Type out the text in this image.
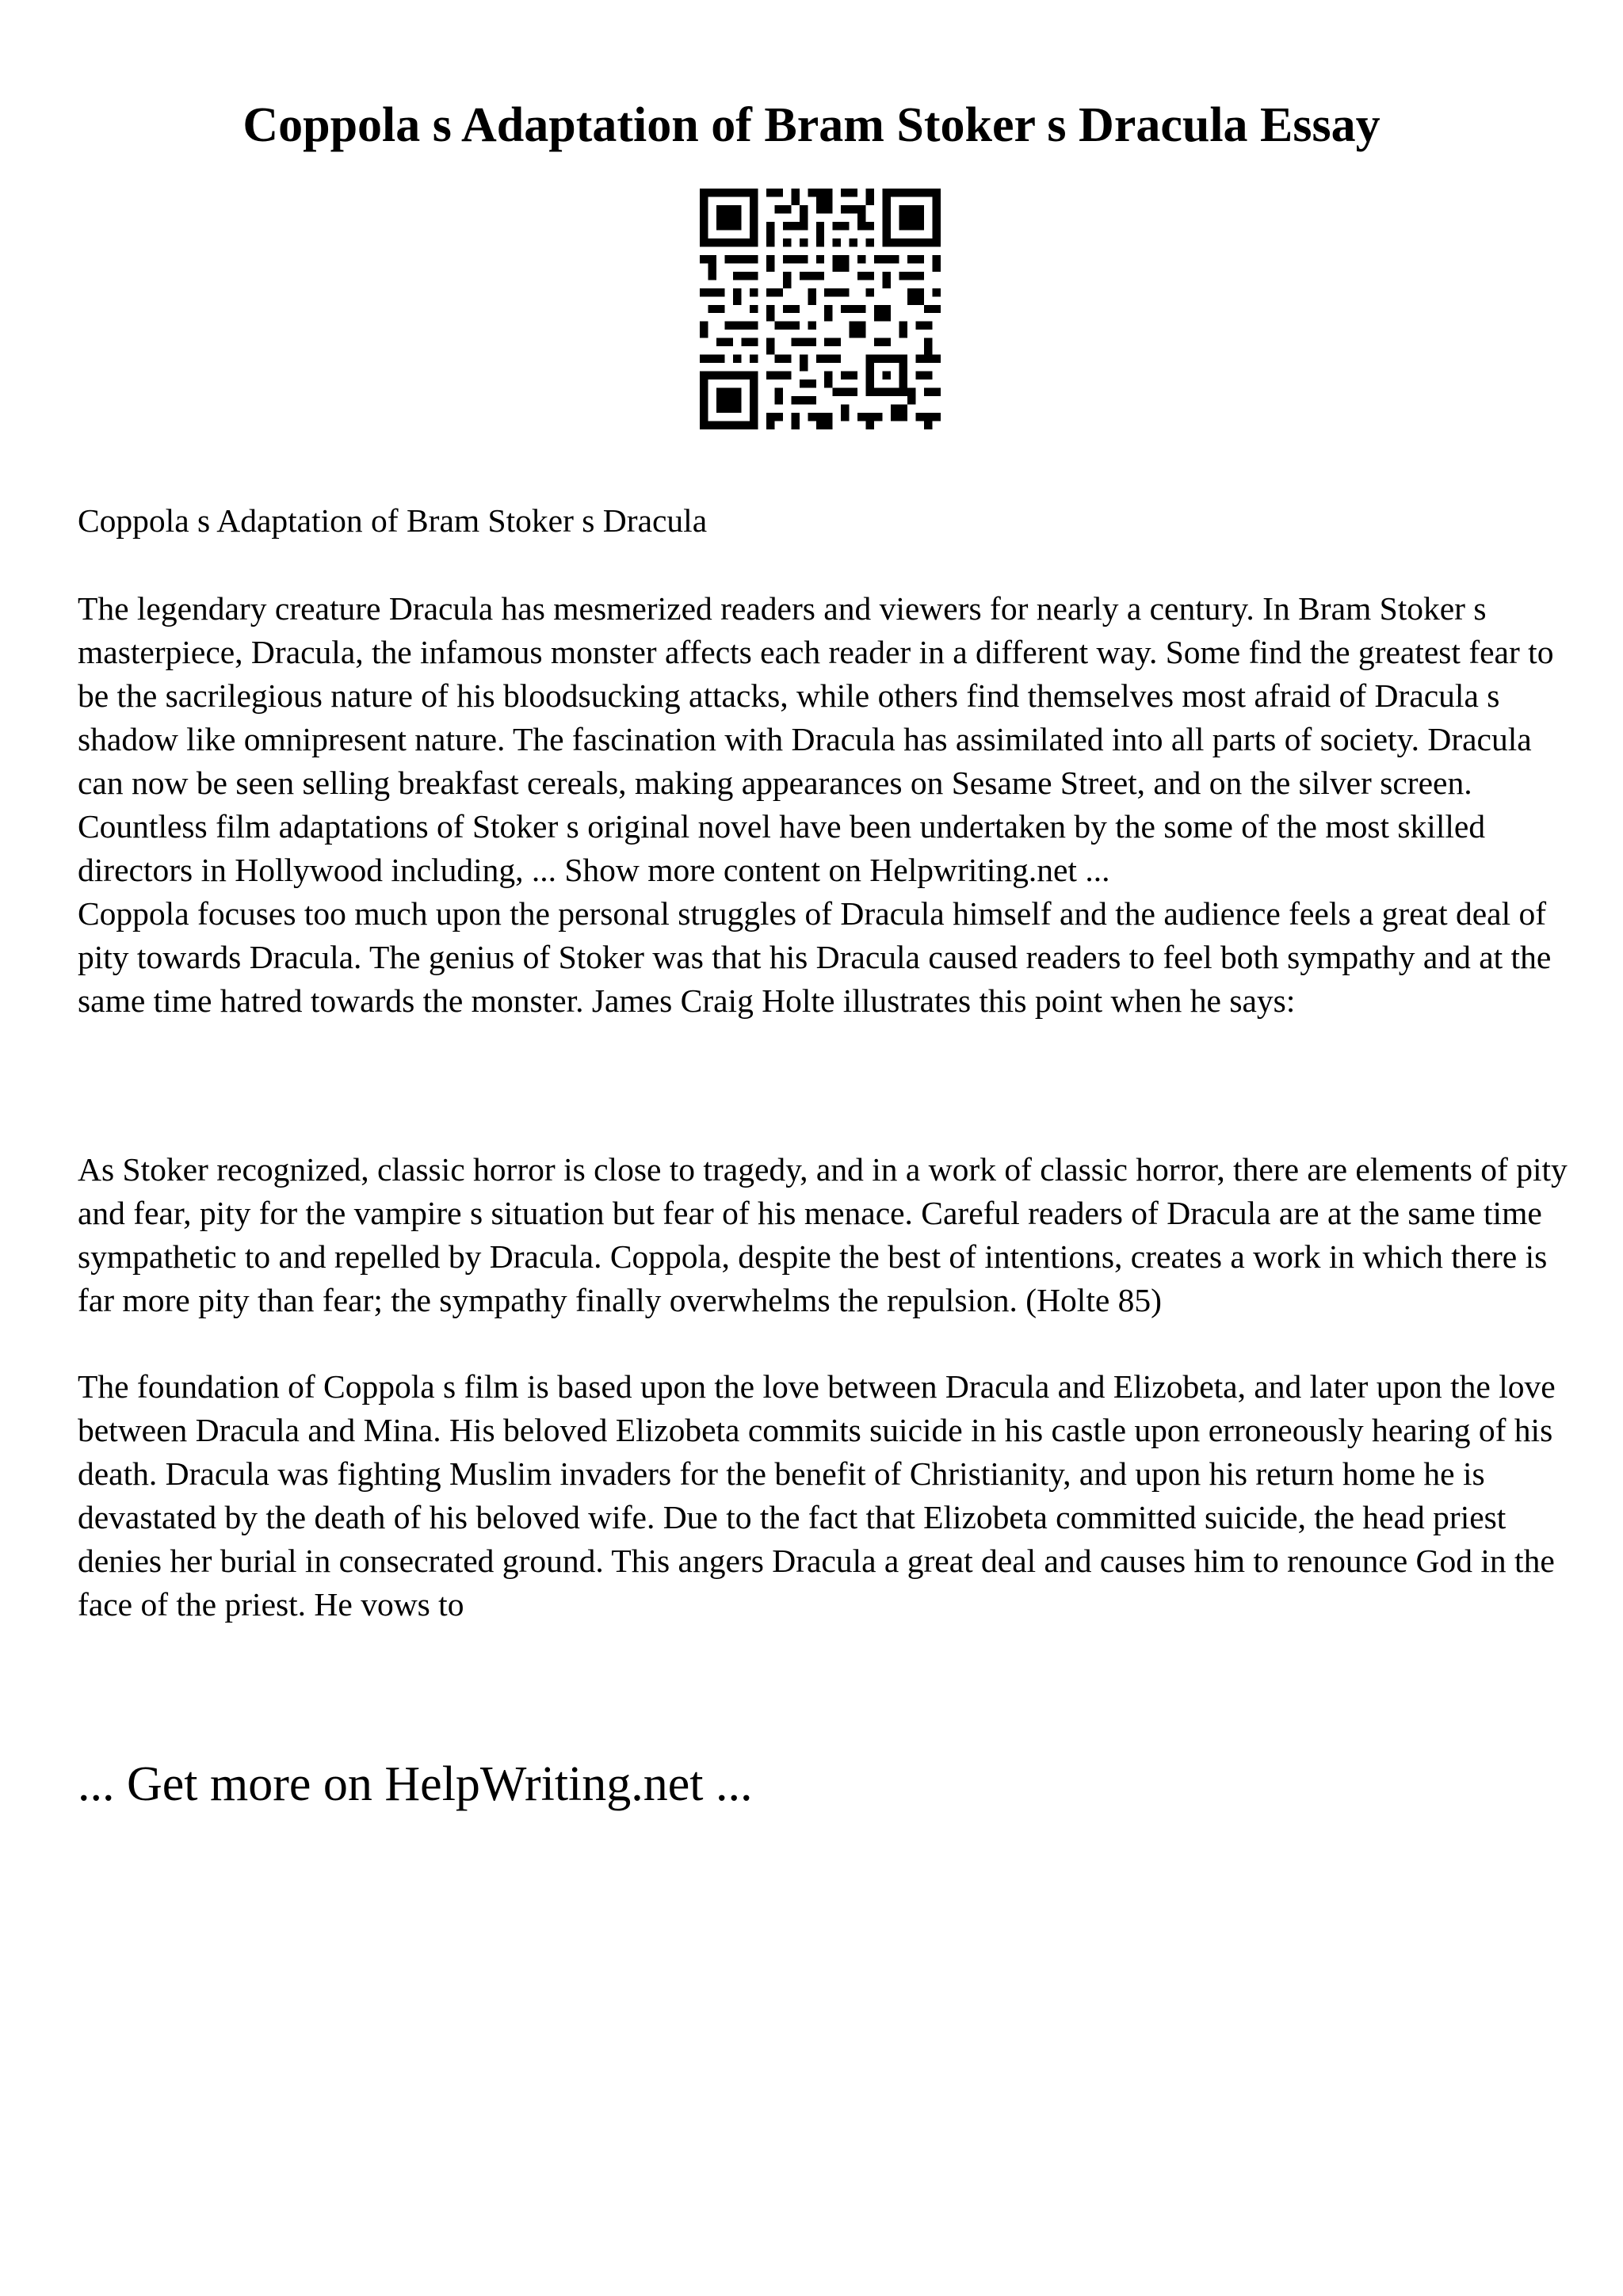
Coppola s Adaptation of Bram Stoker s Dracula Essay

Coppola s Adaptation of Bram Stoker s Dracula

The legendary creature Dracula has mesmerized readers and viewers for nearly a century. In Bram Stoker s masterpiece, Dracula, the infamous monster affects each reader in a different way. Some find the greatest fear to be the sacrilegious nature of his bloodsucking attacks, while others find themselves most afraid of Dracula s shadow like omnipresent nature. The fascination with Dracula has assimilated into all parts of society. Dracula can now be seen selling breakfast cereals, making appearances on Sesame Street, and on the silver screen. Countless film adaptations of Stoker s original novel have been undertaken by the some of the most skilled directors in Hollywood including, ... Show more content on Helpwriting.net ...

Coppola focuses too much upon the personal struggles of Dracula himself and the audience feels a great deal of pity towards Dracula. The genius of Stoker was that his Dracula caused readers to feel both sympathy and at the same time hatred towards the monster. James Craig Holte illustrates this point when he says:

As Stoker recognized, classic horror is close to tragedy, and in a work of classic horror, there are elements of pity and fear, pity for the vampire s situation but fear of his menace. Careful readers of Dracula are at the same time sympathetic to and repelled by Dracula. Coppola, despite the best of intentions, creates a work in which there is far more pity than fear; the sympathy finally overwhelms the repulsion. (Holte 85)

The foundation of Coppola s film is based upon the love between Dracula and Elizobeta, and later upon the love between Dracula and Mina. His beloved Elizobeta commits suicide in his castle upon erroneously hearing of his death. Dracula was fighting Muslim invaders for the benefit of Christianity, and upon his return home he is devastated by the death of his beloved wife. Due to the fact that Elizobeta committed suicide, the head priest denies her burial in consecrated ground. This angers Dracula a great deal and causes him to renounce God in the face of the priest. He vows to

... Get more on HelpWriting.net ...
